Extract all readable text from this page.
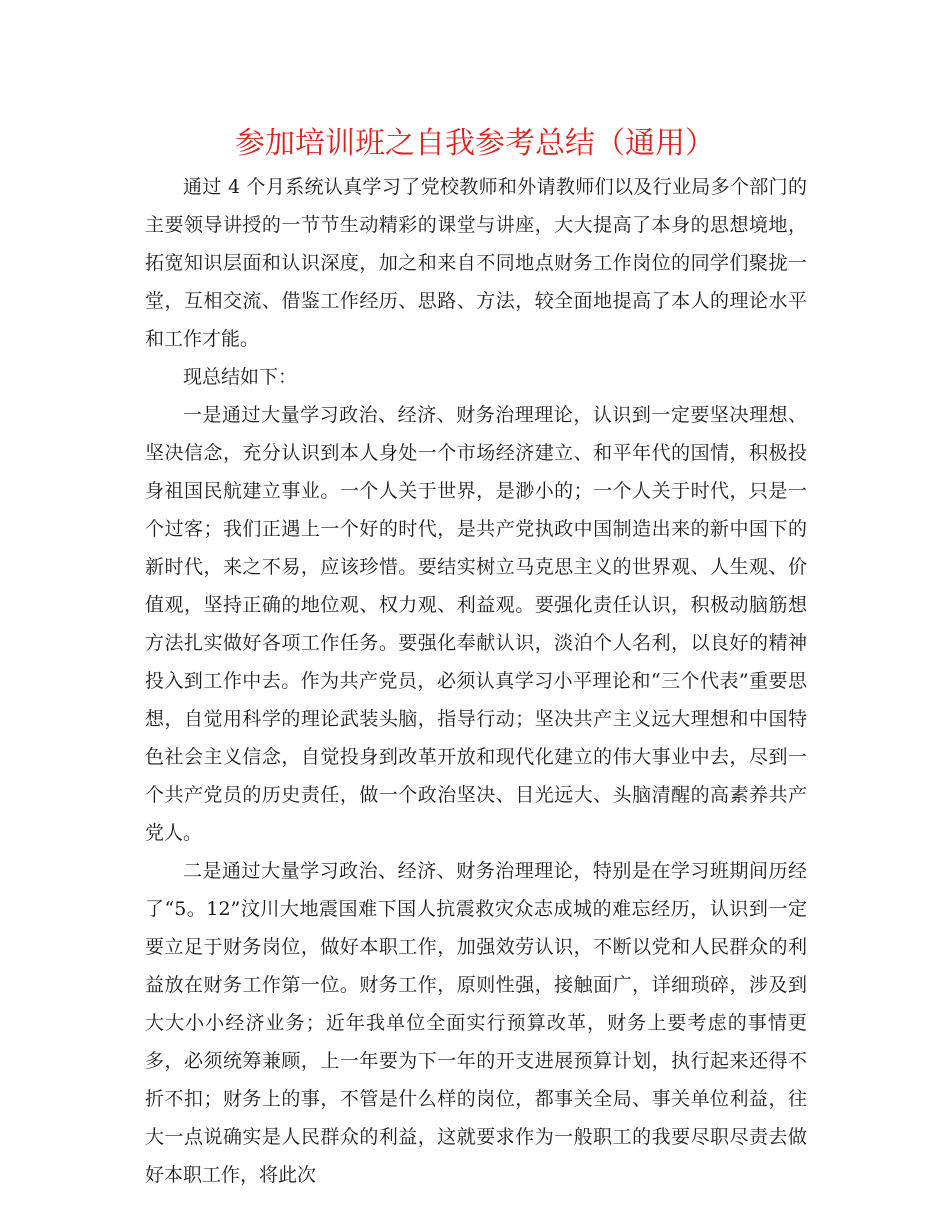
参加培训班之自我参考总结（通用）

通过 4 个月系统认真学习了党校教师和外请教师们以及行业局多个部门的主要领导讲授的一节节生动精彩的课堂与讲座，大大提高了本身的思想境地，拓宽知识层面和认识深度，加之和来自不同地点财务工作岗位的同学们聚拢一堂，互相交流、借鉴工作经历、思路、方法，较全面地提高了本人的理论水平和工作才能。

现总结如下：

一是通过大量学习政治、经济、财务治理理论，认识到一定要坚决理想、坚决信念，充分认识到本人身处一个市场经济建立、和平年代的国情，积极投身祖国民航建立事业。一个人关于世界，是渺小的；一个人关于时代，只是一个过客；我们正遇上一个好的时代，是共产党执政中国制造出来的新中国下的新时代，来之不易，应该珍惜。要结实树立马克思主义的世界观、人生观、价值观，坚持正确的地位观、权力观、利益观。要强化责任认识，积极动脑筋想方法扎实做好各项工作任务。要强化奉献认识，淡泊个人名利，以良好的精神投入到工作中去。作为共产党员，必须认真学习小平理论和“三个代表”重要思想，自觉用科学的理论武装头脑，指导行动；坚决共产主义远大理想和中国特色社会主义信念，自觉投身到改革开放和现代化建立的伟大事业中去，尽到一个共产党员的历史责任，做一个政治坚决、目光远大、头脑清醒的高素养共产党人。

二是通过大量学习政治、经济、财务治理理论，特别是在学习班期间历经了“5。12”汶川大地震国难下国人抗震救灾众志成城的难忘经历，认识到一定要立足于财务岗位，做好本职工作，加强效劳认识，不断以党和人民群众的利益放在财务工作第一位。财务工作，原则性强，接触面广，详细琐碎，涉及到大大小小经济业务；近年我单位全面实行预算改革，财务上要考虑的事情更多，必须统筹兼顾，上一年要为下一年的开支进展预算计划，执行起来还得不折不扣；财务上的事，不管是什么样的岗位，都事关全局、事关单位利益，往大一点说确实是人民群众的利益，这就要求作为一般职工的我要尽职尽责去做好本职工作，将此次
